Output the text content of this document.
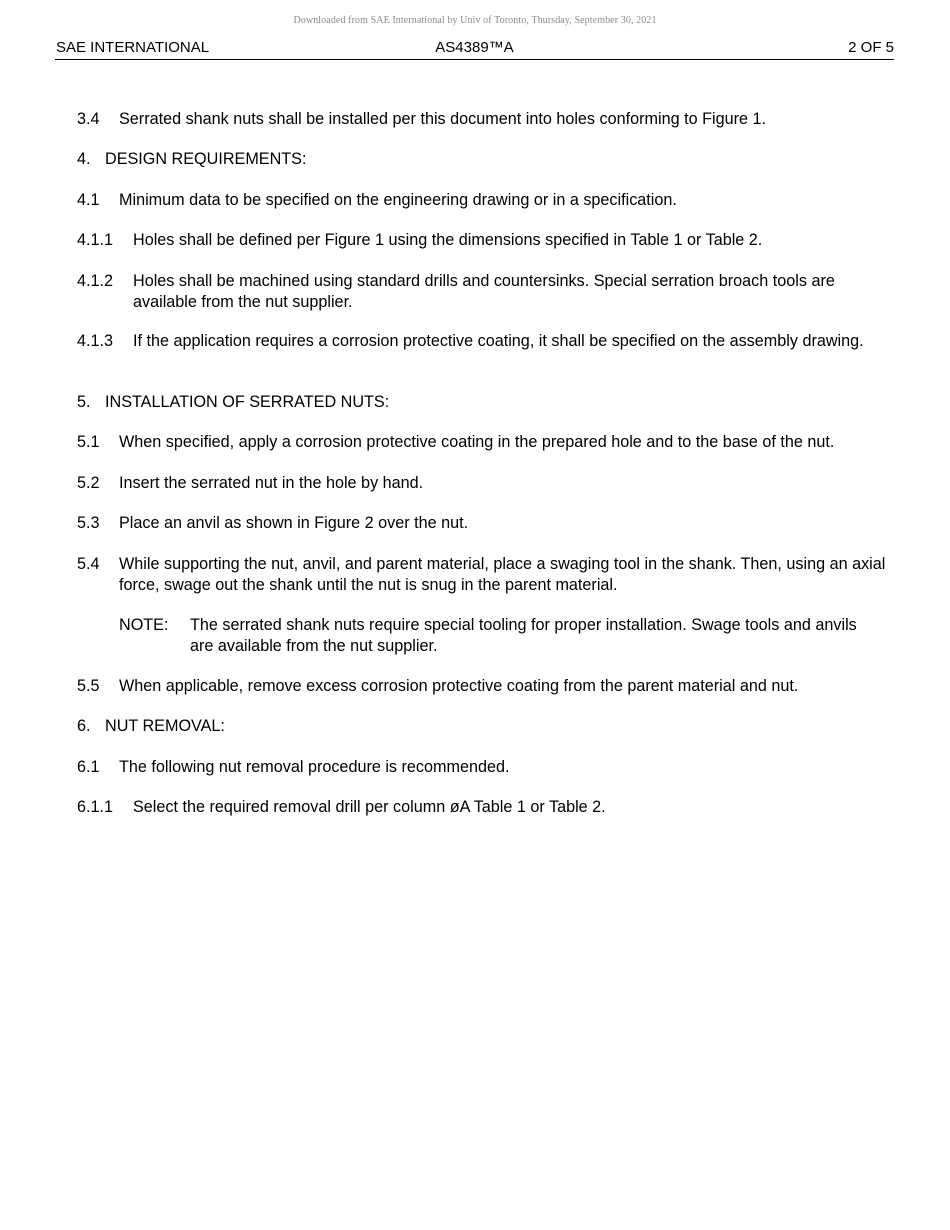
Downloaded from SAE International by Univ of Toronto, Thursday, September 30, 2021
SAE INTERNATIONAL	AS4389™A	2 OF 5
3.4 Serrated shank nuts shall be installed per this document into holes conforming to Figure 1.
4. DESIGN REQUIREMENTS:
4.1 Minimum data to be specified on the engineering drawing or in a specification.
4.1.1 Holes shall be defined per Figure 1 using the dimensions specified in Table 1 or Table 2.
4.1.2 Holes shall be machined using standard drills and countersinks. Special serration broach tools are available from the nut supplier.
4.1.3 If the application requires a corrosion protective coating, it shall be specified on the assembly drawing.
5. INSTALLATION OF SERRATED NUTS:
5.1 When specified, apply a corrosion protective coating in the prepared hole and to the base of the nut.
5.2 Insert the serrated nut in the hole by hand.
5.3 Place an anvil as shown in Figure 2 over the nut.
5.4 While supporting the nut, anvil, and parent material, place a swaging tool in the shank. Then, using an axial force, swage out the shank until the nut is snug in the parent material.
NOTE: The serrated shank nuts require special tooling for proper installation. Swage tools and anvils are available from the nut supplier.
5.5 When applicable, remove excess corrosion protective coating from the parent material and nut.
6. NUT REMOVAL:
6.1 The following nut removal procedure is recommended.
6.1.1 Select the required removal drill per column øA Table 1 or Table 2.
